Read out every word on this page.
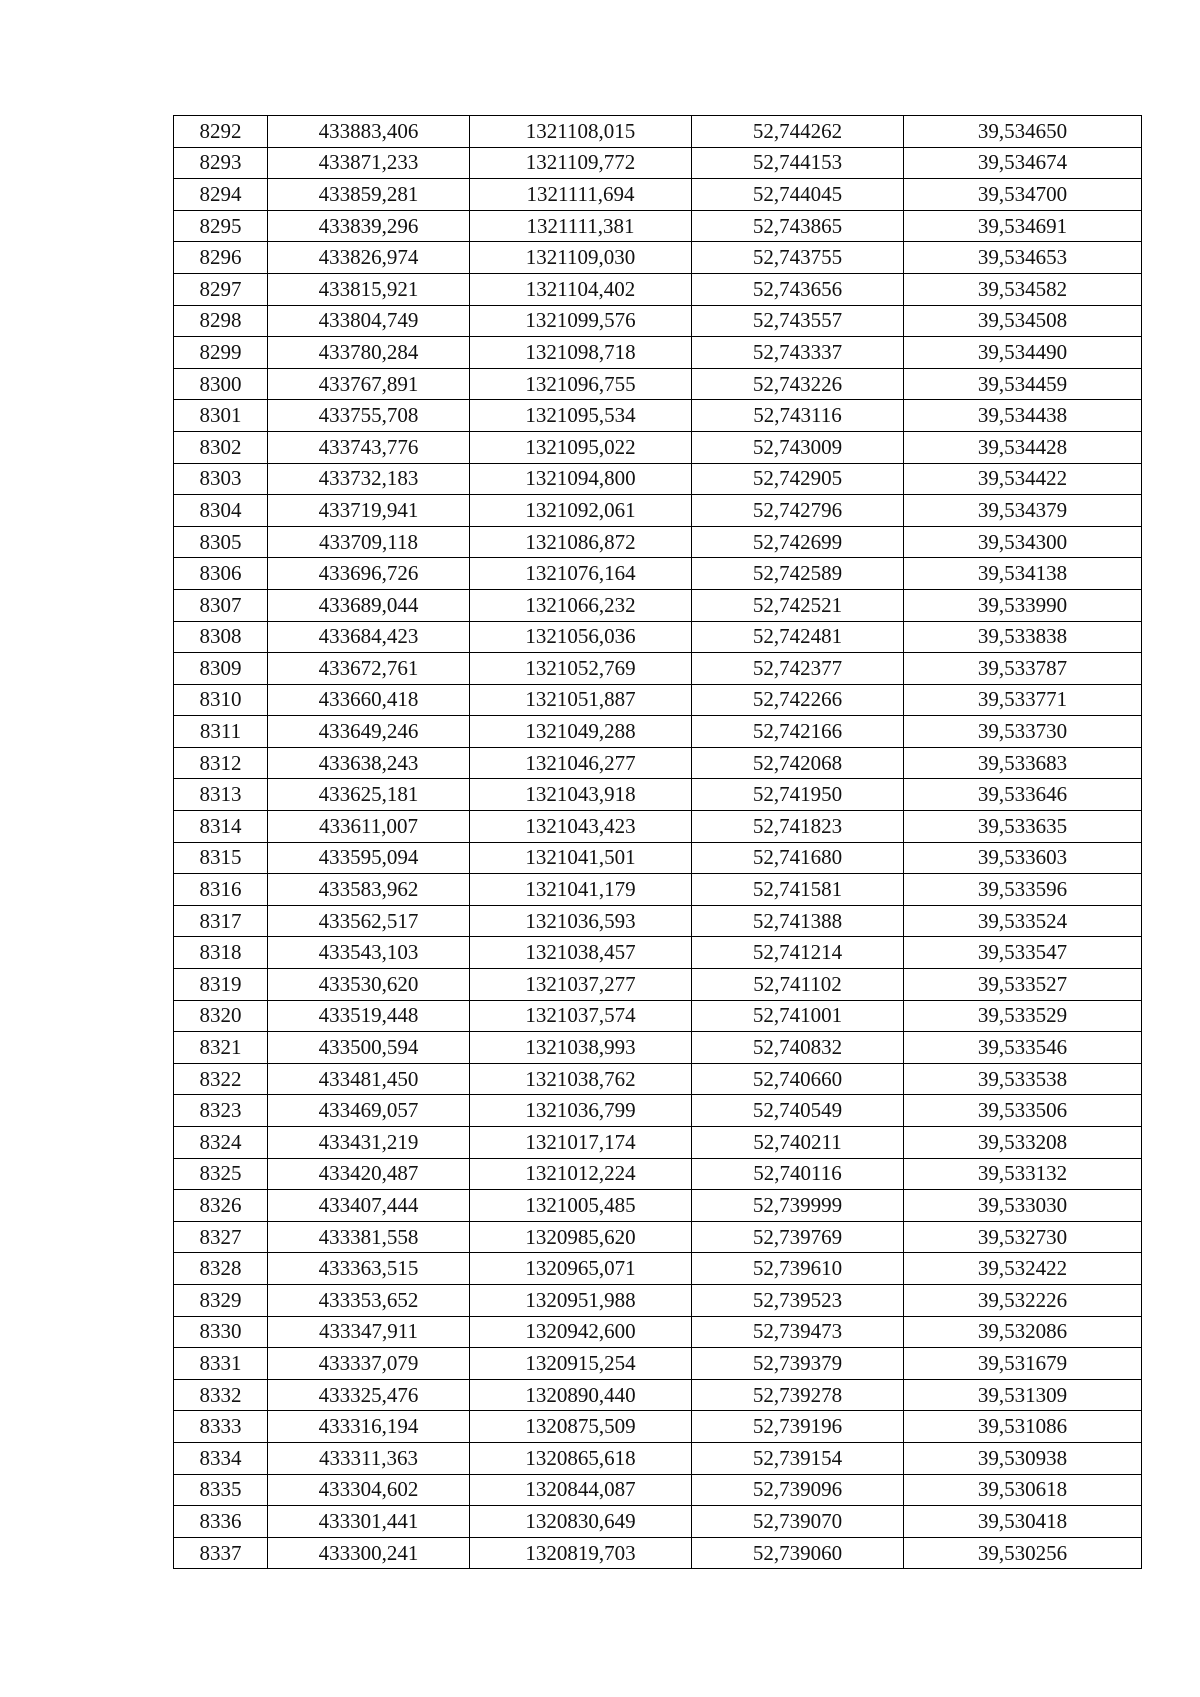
8292	433883,406	1321108,015	52,744262	39,534650
8293	433871,233	1321109,772	52,744153	39,534674
8294	433859,281	1321111,694	52,744045	39,534700
8295	433839,296	1321111,381	52,743865	39,534691
8296	433826,974	1321109,030	52,743755	39,534653
8297	433815,921	1321104,402	52,743656	39,534582
8298	433804,749	1321099,576	52,743557	39,534508
8299	433780,284	1321098,718	52,743337	39,534490
8300	433767,891	1321096,755	52,743226	39,534459
8301	433755,708	1321095,534	52,743116	39,534438
8302	433743,776	1321095,022	52,743009	39,534428
8303	433732,183	1321094,800	52,742905	39,534422
8304	433719,941	1321092,061	52,742796	39,534379
8305	433709,118	1321086,872	52,742699	39,534300
8306	433696,726	1321076,164	52,742589	39,534138
8307	433689,044	1321066,232	52,742521	39,533990
8308	433684,423	1321056,036	52,742481	39,533838
8309	433672,761	1321052,769	52,742377	39,533787
8310	433660,418	1321051,887	52,742266	39,533771
8311	433649,246	1321049,288	52,742166	39,533730
8312	433638,243	1321046,277	52,742068	39,533683
8313	433625,181	1321043,918	52,741950	39,533646
8314	433611,007	1321043,423	52,741823	39,533635
8315	433595,094	1321041,501	52,741680	39,533603
8316	433583,962	1321041,179	52,741581	39,533596
8317	433562,517	1321036,593	52,741388	39,533524
8318	433543,103	1321038,457	52,741214	39,533547
8319	433530,620	1321037,277	52,741102	39,533527
8320	433519,448	1321037,574	52,741001	39,533529
8321	433500,594	1321038,993	52,740832	39,533546
8322	433481,450	1321038,762	52,740660	39,533538
8323	433469,057	1321036,799	52,740549	39,533506
8324	433431,219	1321017,174	52,740211	39,533208
8325	433420,487	1321012,224	52,740116	39,533132
8326	433407,444	1321005,485	52,739999	39,533030
8327	433381,558	1320985,620	52,739769	39,532730
8328	433363,515	1320965,071	52,739610	39,532422
8329	433353,652	1320951,988	52,739523	39,532226
8330	433347,911	1320942,600	52,739473	39,532086
8331	433337,079	1320915,254	52,739379	39,531679
8332	433325,476	1320890,440	52,739278	39,531309
8333	433316,194	1320875,509	52,739196	39,531086
8334	433311,363	1320865,618	52,739154	39,530938
8335	433304,602	1320844,087	52,739096	39,530618
8336	433301,441	1320830,649	52,739070	39,530418
8337	433300,241	1320819,703	52,739060	39,530256
